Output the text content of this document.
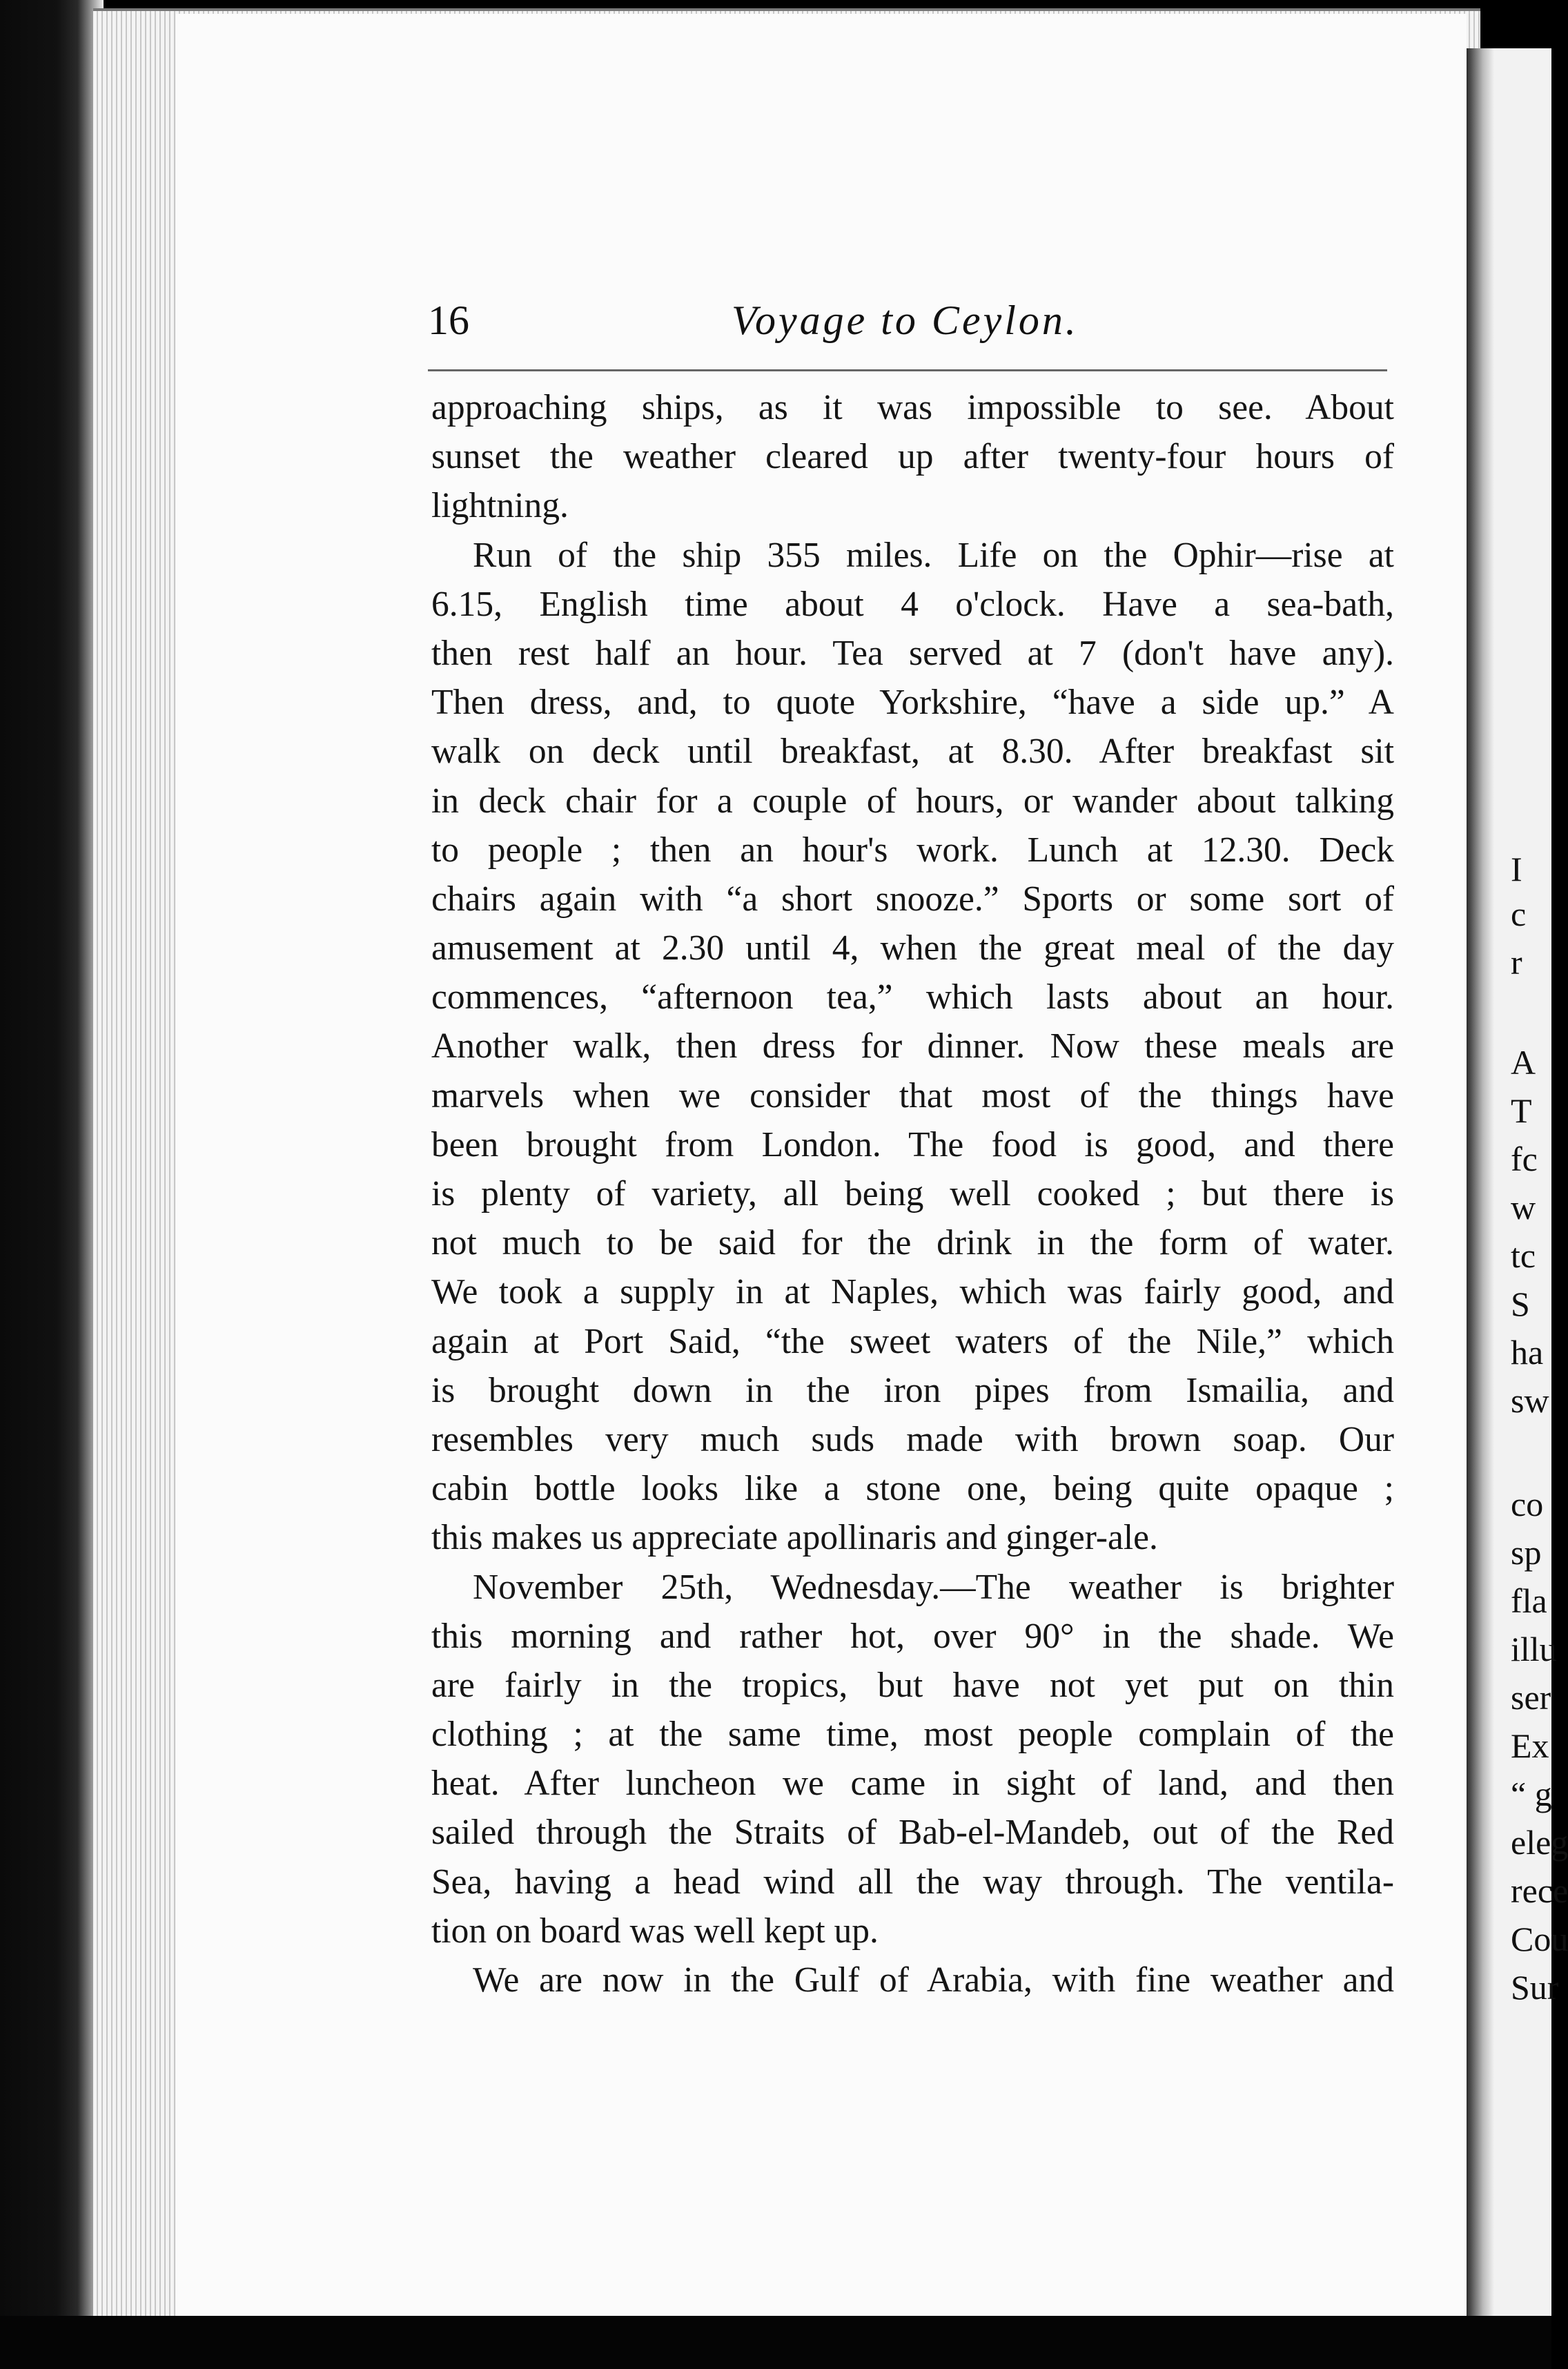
I
c
r
A
T
fc
w
tc
S
ha
sw
co
sp
fla
illu
ser
Ex
“ g
eleg
rece
Cou
Sur
16	Voyage to Ceylon.
approaching ships, as it was impossible to see. About
sunset the weather cleared up after twenty-four hours of
lightning.
Run of the ship 355 miles. Life on the Ophir—rise at
6.15, English time about 4 o'clock. Have a sea-bath,
then rest half an hour. Tea served at 7 (don't have any).
Then dress, and, to quote Yorkshire, “have a side up.” A
walk on deck until breakfast, at 8.30. After breakfast sit
in deck chair for a couple of hours, or wander about talking
to people ; then an hour's work. Lunch at 12.30. Deck
chairs again with “a short snooze.” Sports or some sort of
amusement at 2.30 until 4, when the great meal of the day
commences, “afternoon tea,” which lasts about an hour.
Another walk, then dress for dinner. Now these meals are
marvels when we consider that most of the things have
been brought from London. The food is good, and there
is plenty of variety, all being well cooked ; but there is
not much to be said for the drink in the form of water.
We took a supply in at Naples, which was fairly good, and
again at Port Said, “the sweet waters of the Nile,” which
is brought down in the iron pipes from Ismailia, and
resembles very much suds made with brown soap. Our
cabin bottle looks like a stone one, being quite opaque ;
this makes us appreciate apollinaris and ginger-ale.
November 25th, Wednesday.—The weather is brighter
this morning and rather hot, over 90° in the shade. We
are fairly in the tropics, but have not yet put on thin
clothing ; at the same time, most people complain of the
heat. After luncheon we came in sight of land, and then
sailed through the Straits of Bab-el-Mandeb, out of the Red
Sea, having a head wind all the way through. The ventila-
tion on board was well kept up.
We are now in the Gulf of Arabia, with fine weather and
